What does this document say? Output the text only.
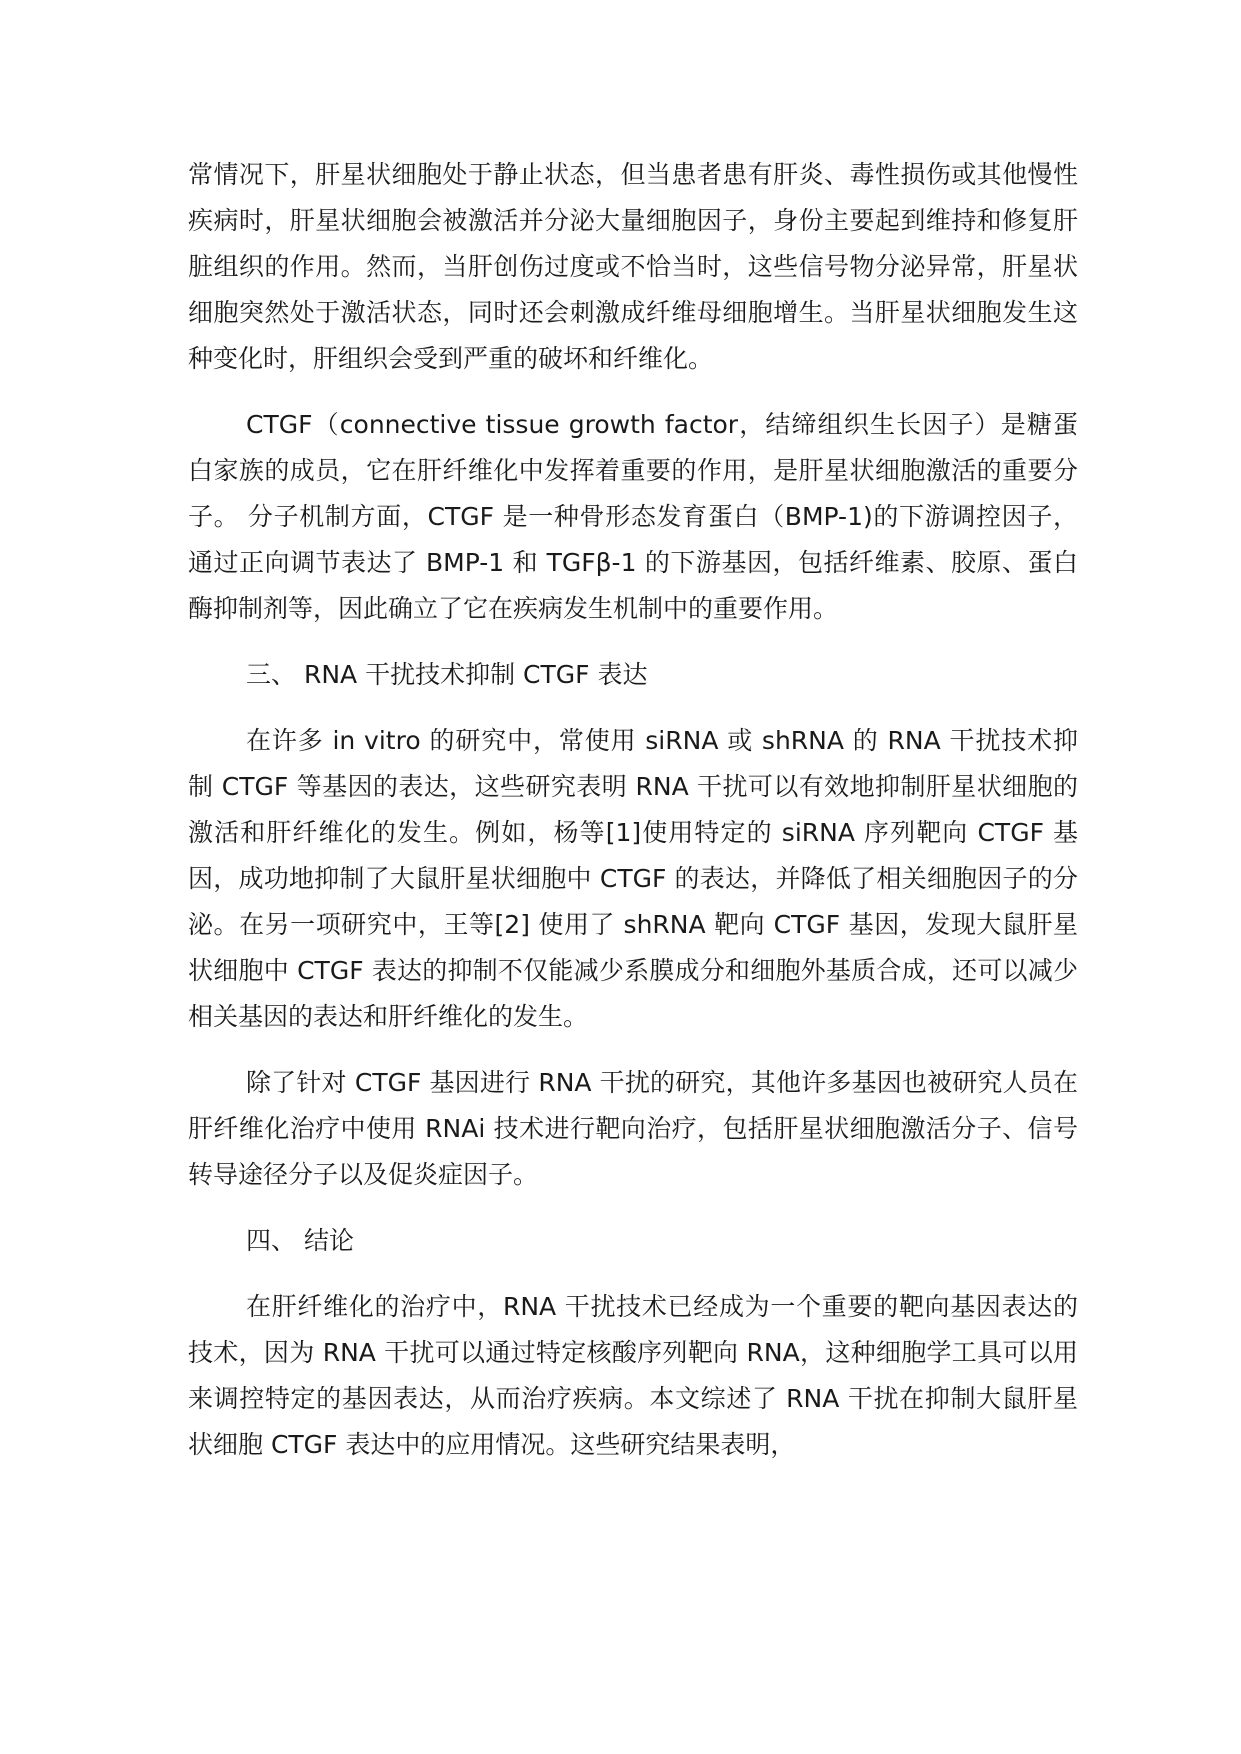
常情况下，肝星状细胞处于静止状态，但当患者患有肝炎、毒性损伤或其他慢性疾病时，肝星状细胞会被激活并分泌大量细胞因子，身份主要起到维持和修复肝脏组织的作用。然而，当肝创伤过度或不恰当时，这些信号物分泌异常，肝星状细胞突然处于激活状态，同时还会刺激成纤维母细胞增生。当肝星状细胞发生这种变化时，肝组织会受到严重的破坏和纤维化。

CTGF（connective tissue growth factor，结缔组织生长因子）是糖蛋白家族的成员，它在肝纤维化中发挥着重要的作用，是肝星状细胞激活的重要分子。 分子机制方面，CTGF 是一种骨形态发育蛋白（BMP-1)的下游调控因子，通过正向调节表达了 BMP-1 和 TGFβ-1 的下游基因，包括纤维素、胶原、蛋白酶抑制剂等，因此确立了它在疾病发生机制中的重要作用。

三、 RNA 干扰技术抑制 CTGF 表达

在许多 in vitro 的研究中，常使用 siRNA 或 shRNA 的 RNA 干扰技术抑制 CTGF 等基因的表达，这些研究表明 RNA 干扰可以有效地抑制肝星状细胞的激活和肝纤维化的发生。例如，杨等[1]使用特定的 siRNA 序列靶向 CTGF 基因，成功地抑制了大鼠肝星状细胞中 CTGF 的表达，并降低了相关细胞因子的分泌。在另一项研究中，王等[2] 使用了 shRNA 靶向 CTGF 基因，发现大鼠肝星状细胞中 CTGF 表达的抑制不仅能减少系膜成分和细胞外基质合成，还可以减少相关基因的表达和肝纤维化的发生。

除了针对 CTGF 基因进行 RNA 干扰的研究，其他许多基因也被研究人员在肝纤维化治疗中使用 RNAi 技术进行靶向治疗，包括肝星状细胞激活分子、信号转导途径分子以及促炎症因子。

四、 结论

在肝纤维化的治疗中，RNA 干扰技术已经成为一个重要的靶向基因表达的技术，因为 RNA 干扰可以通过特定核酸序列靶向 RNA，这种细胞学工具可以用来调控特定的基因表达，从而治疗疾病。本文综述了 RNA 干扰在抑制大鼠肝星状细胞 CTGF 表达中的应用情况。这些研究结果表明，
